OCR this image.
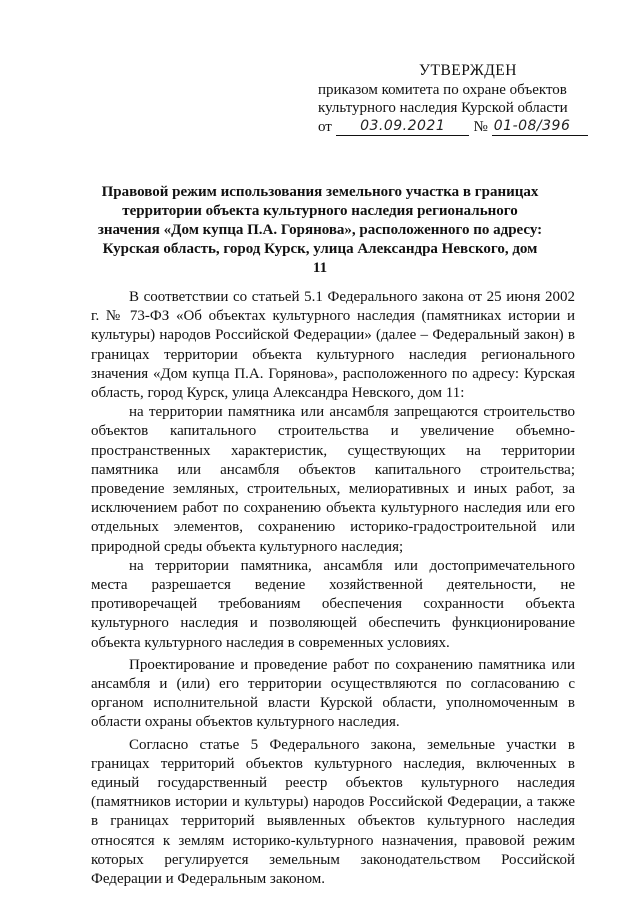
УТВЕРЖДЕН
приказом комитета по охране объектов
культурного наследия Курской области
от	03.09.2021	№ 01-08/396
Правовой режим использования земельного участка в границах территории объекта культурного наследия регионального значения «Дом купца П.А. Горянова», расположенного по адресу: Курская область, город Курск, улица Александра Невского, дом 11

В соответствии со статьей 5.1 Федерального закона от 25 июня 2002 г. № 73-ФЗ «Об объектах культурного наследия (памятниках истории и культуры) народов Российской Федерации» (далее – Федеральный закон) в границах территории объекта культурного наследия регионального значения «Дом купца П.А. Горянова», расположенного по адресу: Курская область, город Курск, улица Александра Невского, дом 11:

на территории памятника или ансамбля запрещаются строительство объектов капитального строительства и увеличение объемно-пространственных характеристик, существующих на территории памятника или ансамбля объектов капитального строительства; проведение земляных, строительных, мелиоративных и иных работ, за исключением работ по сохранению объекта культурного наследия или его отдельных элементов, сохранению историко-градостроительной или природной среды объекта культурного наследия;

на территории памятника, ансамбля или достопримечательного места разрешается ведение хозяйственной деятельности, не противоречащей требованиям обеспечения сохранности объекта культурного наследия и позволяющей обеспечить функционирование объекта культурного наследия в современных условиях.

Проектирование и проведение работ по сохранению памятника или ансамбля и (или) его территории осуществляются по согласованию с органом исполнительной власти Курской области, уполномоченным в области охраны объектов культурного наследия.

Согласно статье 5 Федерального закона, земельные участки в границах территорий объектов культурного наследия, включенных в единый государственный реестр объектов культурного наследия (памятников истории и культуры) народов Российской Федерации, а также в границах территорий выявленных объектов культурного наследия относятся к землям историко-культурного назначения, правовой режим которых регулируется земельным законодательством Российской Федерации и Федеральным законом.
